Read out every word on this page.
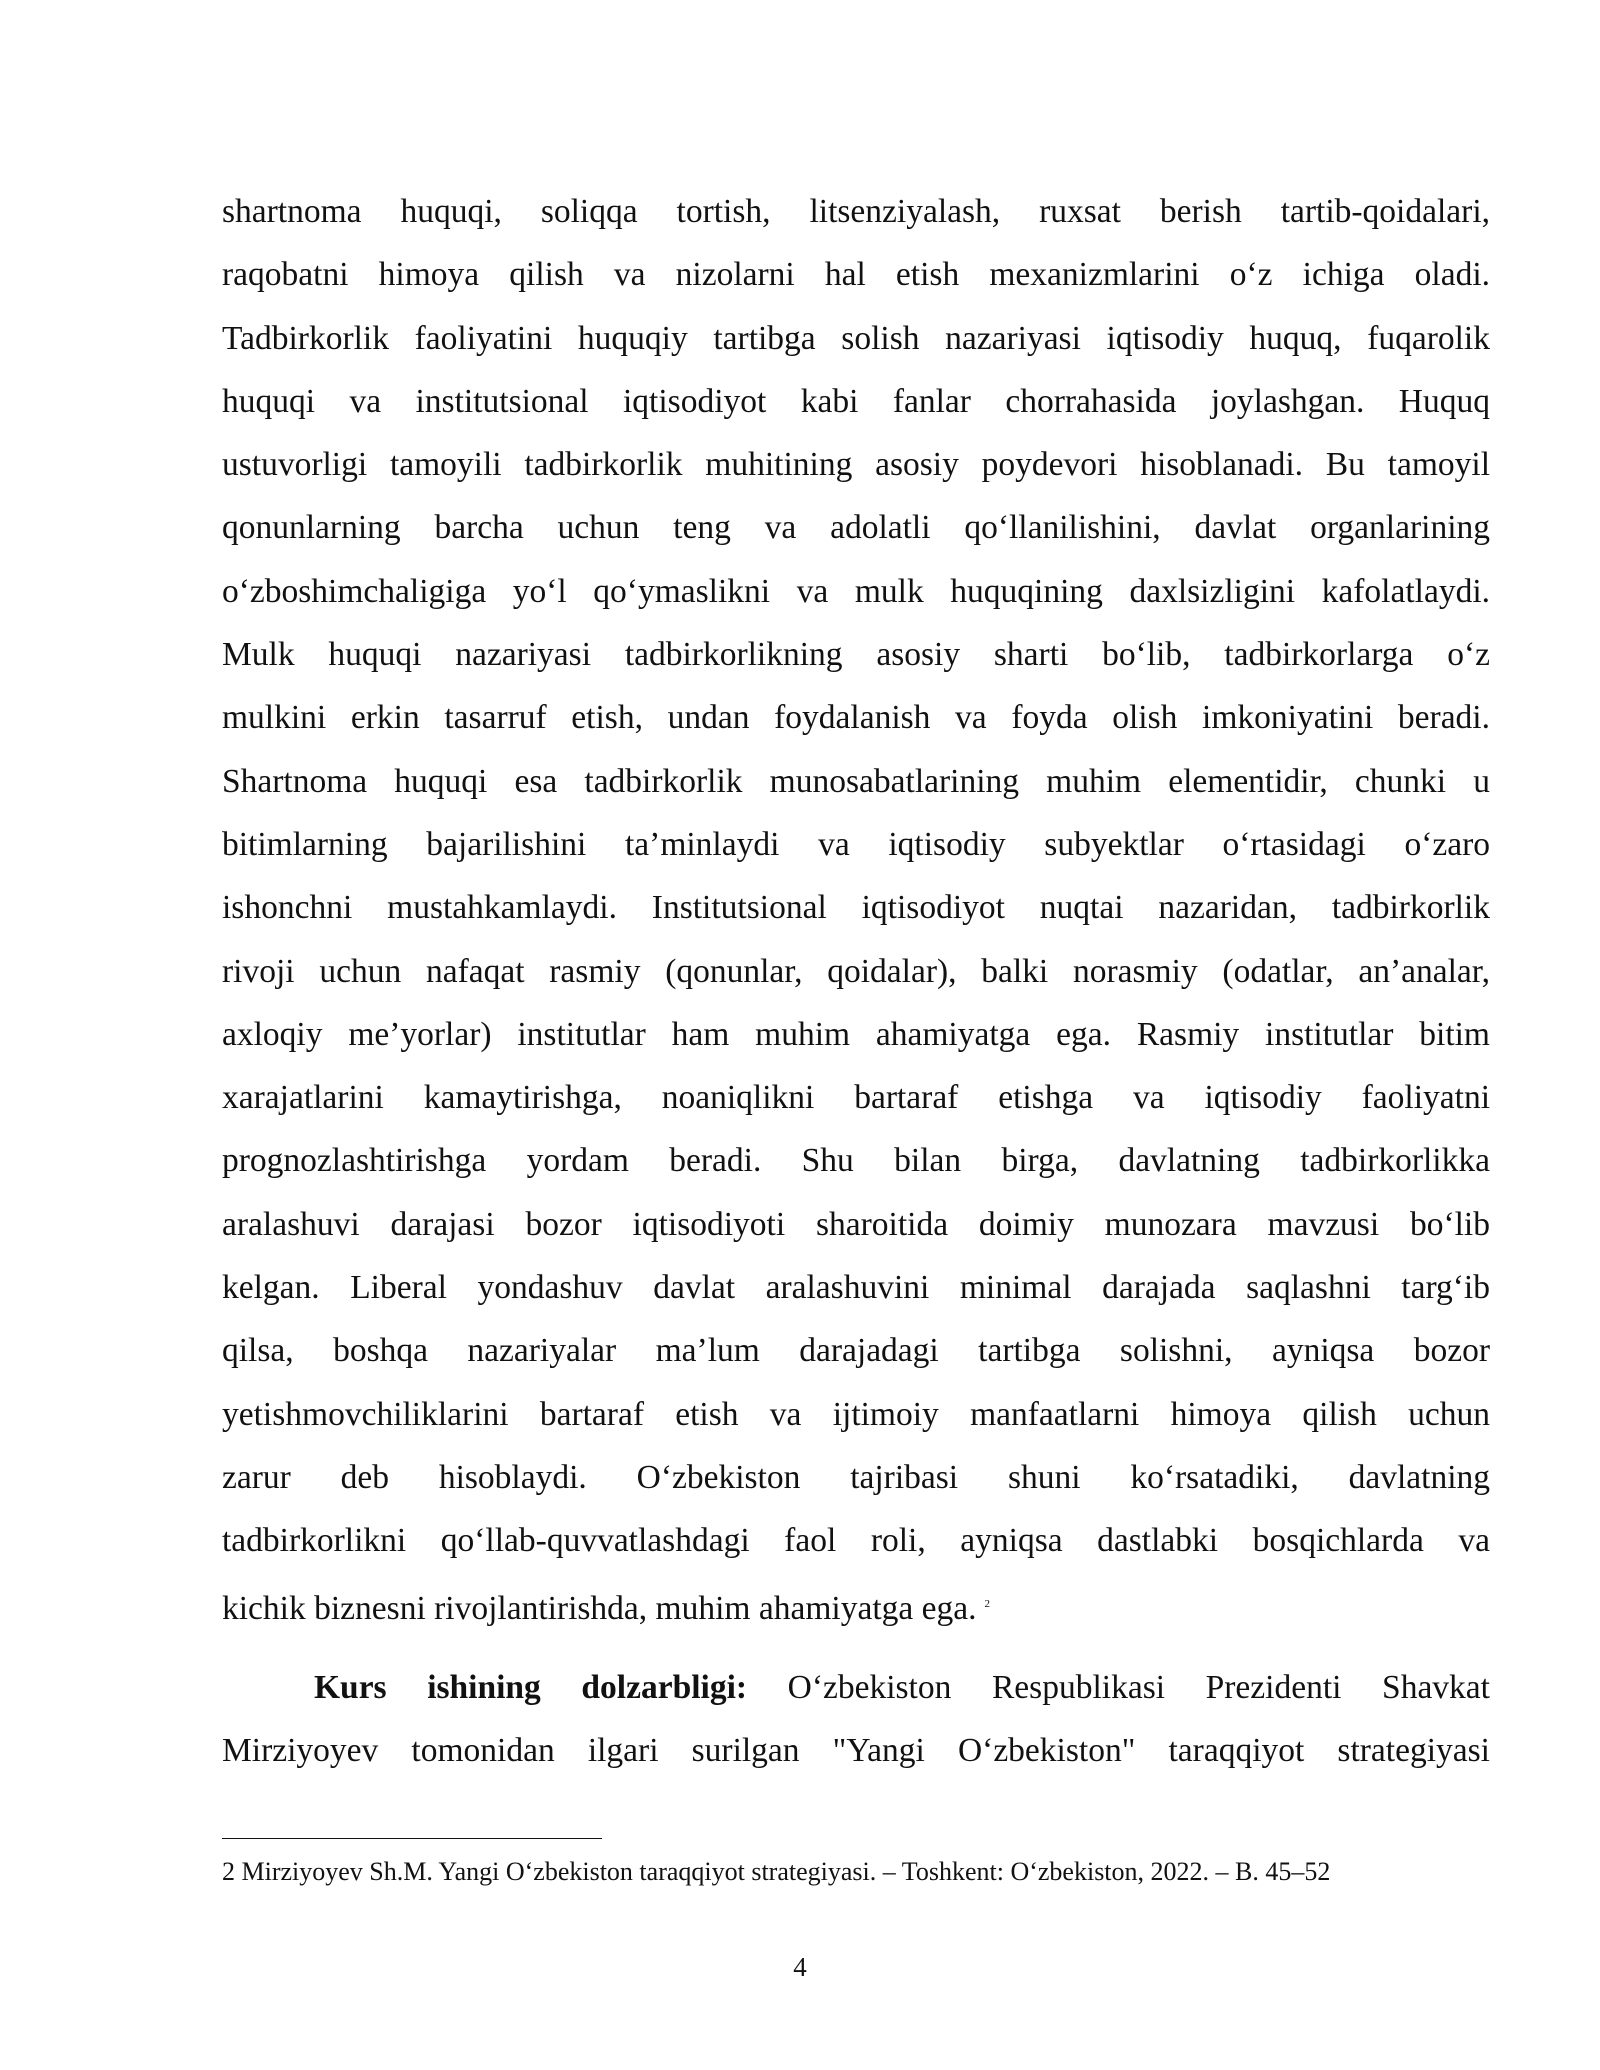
shartnoma huquqi, soliqqa tortish, litsenziyalash, ruxsat berish tartib-qoidalari,
raqobatni himoya qilish va nizolarni hal etish mexanizmlarini o‘z ichiga oladi.
Tadbirkorlik faoliyatini huquqiy tartibga solish nazariyasi iqtisodiy huquq, fuqarolik
huquqi va institutsional iqtisodiyot kabi fanlar chorrahasida joylashgan. Huquq
ustuvorligi tamoyili tadbirkorlik muhitining asosiy poydevori hisoblanadi. Bu tamoyil
qonunlarning barcha uchun teng va adolatli qo‘llanilishini, davlat organlarining
o‘zboshimchaligiga yo‘l qo‘ymaslikni va mulk huquqining daxlsizligini kafolatlaydi.
Mulk huquqi nazariyasi tadbirkorlikning asosiy sharti bo‘lib, tadbirkorlarga o‘z
mulkini erkin tasarruf etish, undan foydalanish va foyda olish imkoniyatini beradi.
Shartnoma huquqi esa tadbirkorlik munosabatlarining muhim elementidir, chunki u
bitimlarning bajarilishini ta’minlaydi va iqtisodiy subyektlar o‘rtasidagi o‘zaro
ishonchni mustahkamlaydi. Institutsional iqtisodiyot nuqtai nazaridan, tadbirkorlik
rivoji uchun nafaqat rasmiy (qonunlar, qoidalar), balki norasmiy (odatlar, an’analar,
axloqiy me’yorlar) institutlar ham muhim ahamiyatga ega. Rasmiy institutlar bitim
xarajatlarini kamaytirishga, noaniqlikni bartaraf etishga va iqtisodiy faoliyatni
prognozlashtirishga yordam beradi. Shu bilan birga, davlatning tadbirkorlikka
aralashuvi darajasi bozor iqtisodiyoti sharoitida doimiy munozara mavzusi bo‘lib
kelgan. Liberal yondashuv davlat aralashuvini minimal darajada saqlashni targ‘ib
qilsa, boshqa nazariyalar ma’lum darajadagi tartibga solishni, ayniqsa bozor
yetishmovchiliklarini bartaraf etish va ijtimoiy manfaatlarni himoya qilish uchun
zarur deb hisoblaydi. O‘zbekiston tajribasi shuni ko‘rsatadiki, davlatning
tadbirkorlikni qo‘llab-quvvatlashdagi faol roli, ayniqsa dastlabki bosqichlarda va
kichik biznesni rivojlantirishda, muhim ahamiyatga ega. $^2$
Kurs ishining dolzarbligi: O‘zbekiston Respublikasi Prezidenti Shavkat
Mirziyoyev tomonidan ilgari surilgan "Yangi O‘zbekiston" taraqqiyot strategiyasi
2 Mirziyoyev Sh.M. Yangi O‘zbekiston taraqqiyot strategiyasi. – Toshkent: O‘zbekiston, 2022. – B. 45–52
4
